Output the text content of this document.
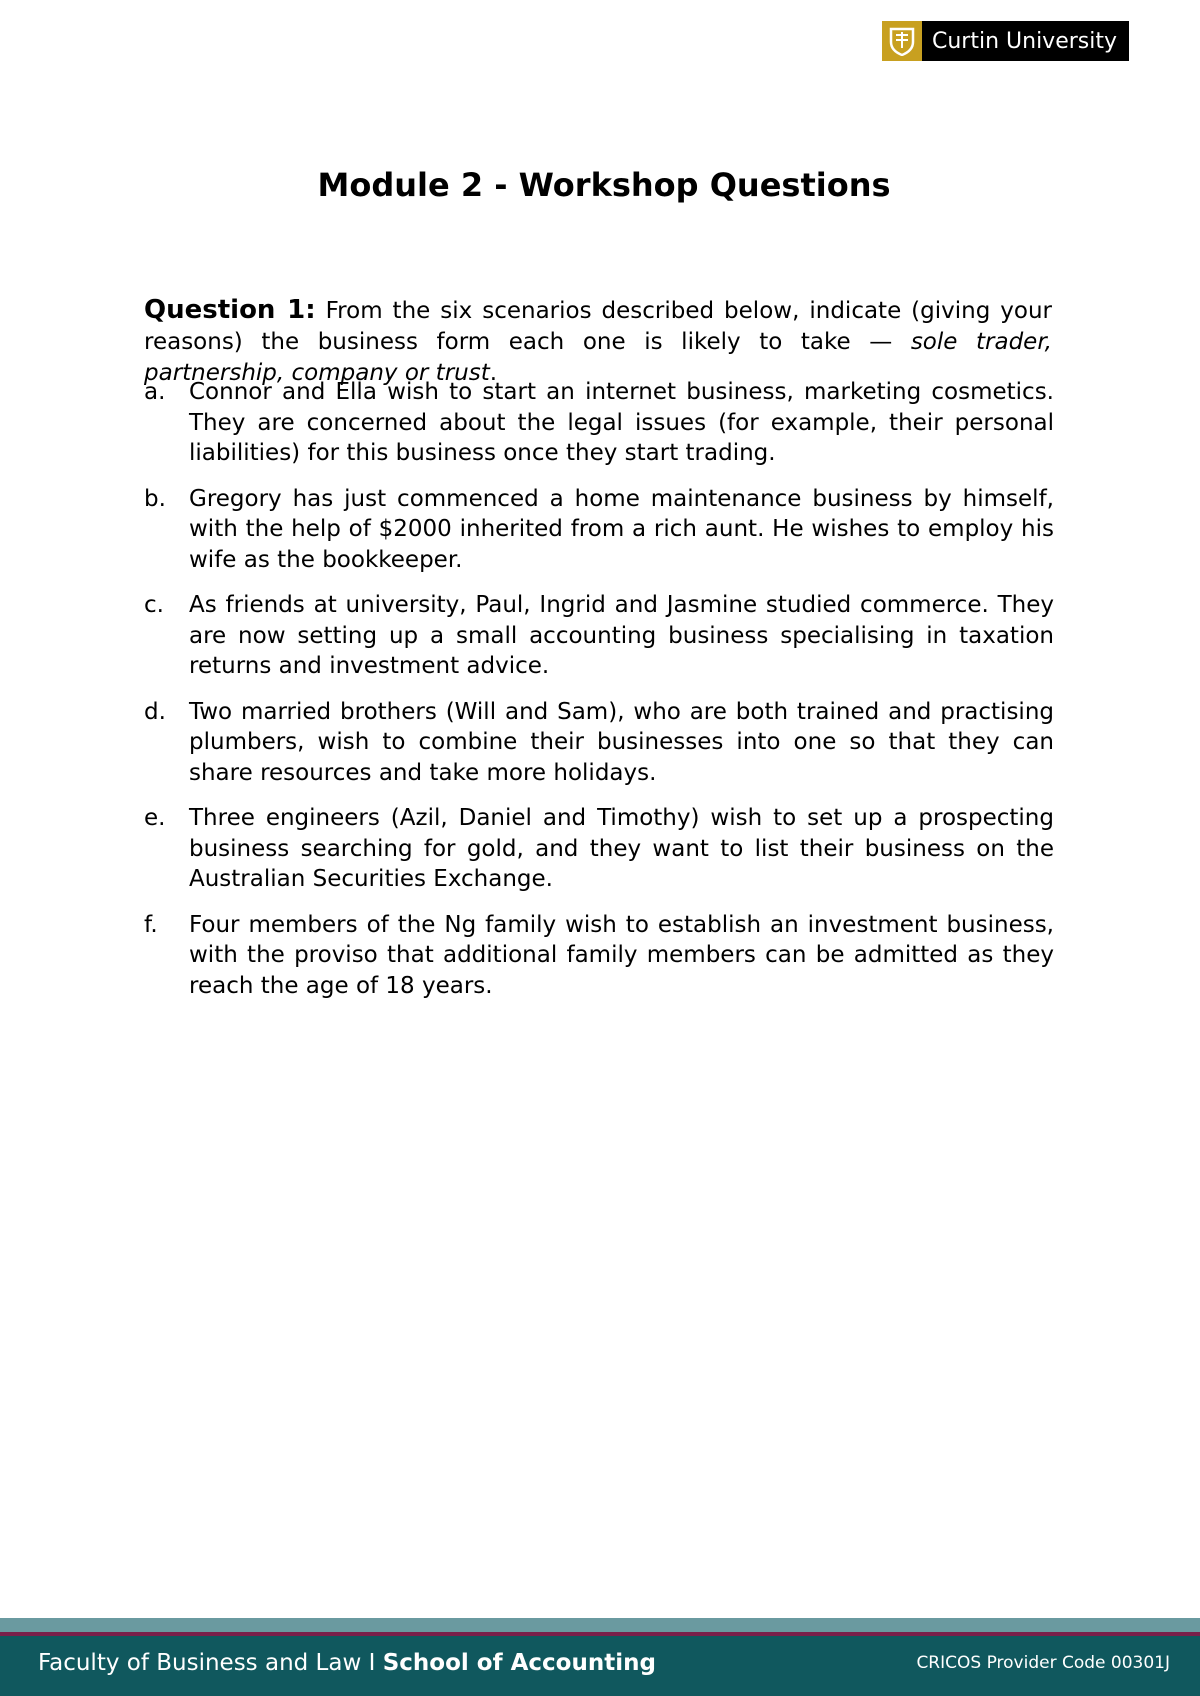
Curtin University
Module 2 - Workshop Questions

Question 1: From the six scenarios described below, indicate (giving your reasons) the business form each one is likely to take — sole trader, partnership, company or trust.

a. Connor and Ella wish to start an internet business, marketing cosmetics. They are concerned about the legal issues (for example, their personal liabilities) for this business once they start trading.
b. Gregory has just commenced a home maintenance business by himself, with the help of $2000 inherited from a rich aunt. He wishes to employ his wife as the bookkeeper.
c. As friends at university, Paul, Ingrid and Jasmine studied commerce. They are now setting up a small accounting business specialising in taxation returns and investment advice.
d. Two married brothers (Will and Sam), who are both trained and practising plumbers, wish to combine their businesses into one so that they can share resources and take more holidays.
e. Three engineers (Azil, Daniel and Timothy) wish to set up a prospecting business searching for gold, and they want to list their business on the Australian Securities Exchange.
f. Four members of the Ng family wish to establish an investment business, with the proviso that additional family members can be admitted as they reach the age of 18 years.
Faculty of Business and Law I School of Accounting	CRICOS Provider Code 00301J
